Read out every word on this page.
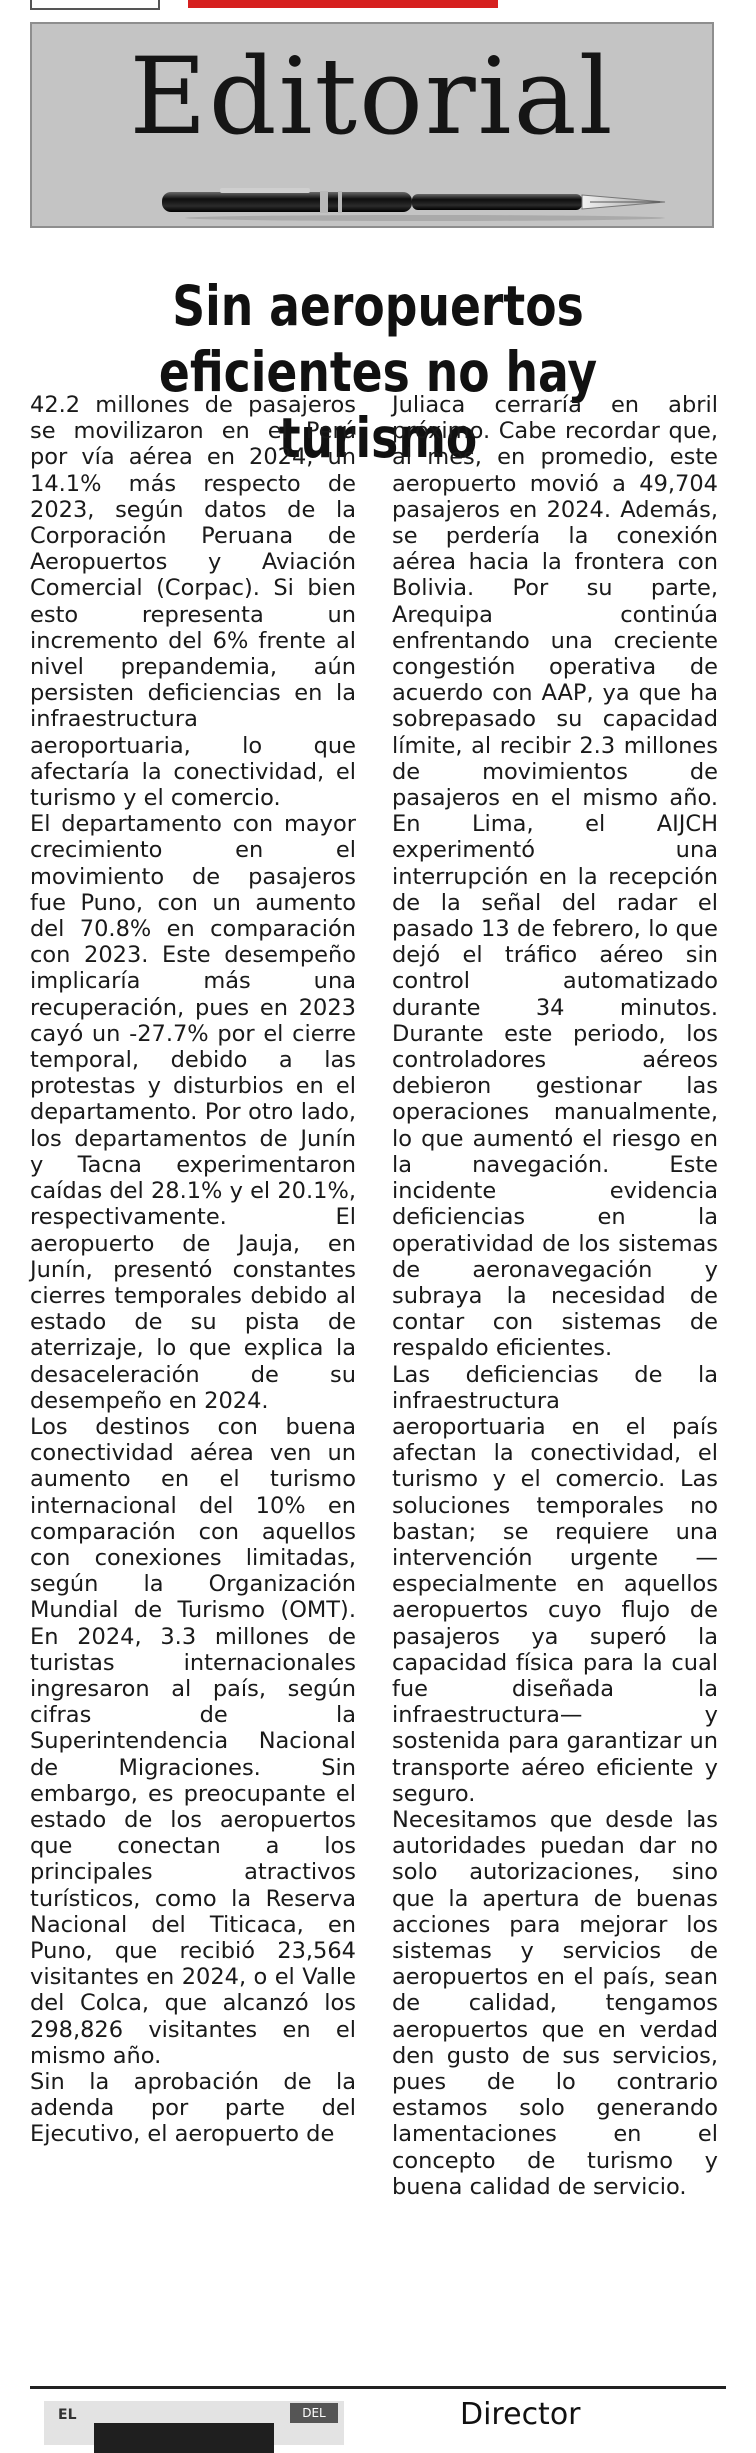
Editorial
Sin aeropuertos eficientes no hay turismo

42.2 millones de pasajeros se movilizaron en el Perú por vía aérea en 2024, un 14.1% más respecto de 2023, según datos de la Corporación Peruana de Aeropuertos y Aviación Comercial (Corpac). Si bien esto representa un incremento del 6% frente al nivel prepandemia, aún persisten deficiencias en la infraestructura aeroportuaria, lo que afectaría la conectividad, el turismo y el comercio.

El departamento con mayor crecimiento en el movimiento de pasajeros fue Puno, con un aumento del 70.8% en comparación con 2023. Este desempeño implicaría más una recuperación, pues en 2023 cayó un -27.7% por el cierre temporal, debido a las protestas y disturbios en el departamento. Por otro lado, los departamentos de Junín y Tacna experimentaron caídas del 28.1% y el 20.1%, respectivamente. El aeropuerto de Jauja, en Junín, presentó constantes cierres temporales debido al estado de su pista de aterrizaje, lo que explica la desaceleración de su desempeño en 2024.

Los destinos con buena conectividad aérea ven un aumento en el turismo internacional del 10% en comparación con aquellos con conexiones limitadas, según la Organización Mundial de Turismo (OMT). En 2024, 3.3 millones de turistas internacionales ingresaron al país, según cifras de la Superintendencia Nacional de Migraciones. Sin embargo, es preocupante el estado de los aeropuertos que conectan a los principales atractivos turísticos, como la Reserva Nacional del Titicaca, en Puno, que recibió 23,564 visitantes en 2024, o el Valle del Colca, que alcanzó los 298,826 visitantes en el mismo año.

Sin la aprobación de la adenda por parte del Ejecutivo, el aeropuerto de

Juliaca cerraría en abril próximo. Cabe recordar que, al mes, en promedio, este aeropuerto movió a 49,704 pasajeros en 2024. Además, se perdería la conexión aérea hacia la frontera con Bolivia. Por su parte, Arequipa continúa enfrentando una creciente congestión operativa de acuerdo con AAP, ya que ha sobrepasado su capacidad límite, al recibir 2.3 millones de movimientos de pasajeros en el mismo año. En Lima, el AIJCH experimentó una interrupción en la recepción de la señal del radar el pasado 13 de febrero, lo que dejó el tráfico aéreo sin control automatizado durante 34 minutos. Durante este periodo, los controladores aéreos debieron gestionar las operaciones manualmente, lo que aumentó el riesgo en la navegación. Este incidente evidencia deficiencias en la operatividad de los sistemas de aeronavegación y subraya la necesidad de contar con sistemas de respaldo eficientes.

Las deficiencias de la infraestructura aeroportuaria en el país afectan la conectividad, el turismo y el comercio. Las soluciones temporales no bastan; se requiere una intervención urgente —especialmente en aquellos aeropuertos cuyo flujo de pasajeros ya superó la capacidad física para la cual fue diseñada la infraestructura— y sostenida para garantizar un transporte aéreo eficiente y seguro.

Necesitamos que desde las autoridades puedan dar no solo autorizaciones, sino que la apertura de buenas acciones para mejorar los sistemas y servicios de aeropuertos en el país, sean de calidad, tengamos aeropuertos que en verdad den gusto de sus servicios, pues de lo contrario estamos solo generando lamentaciones en el concepto de turismo y buena calidad de servicio.

EL	DEL	Director
